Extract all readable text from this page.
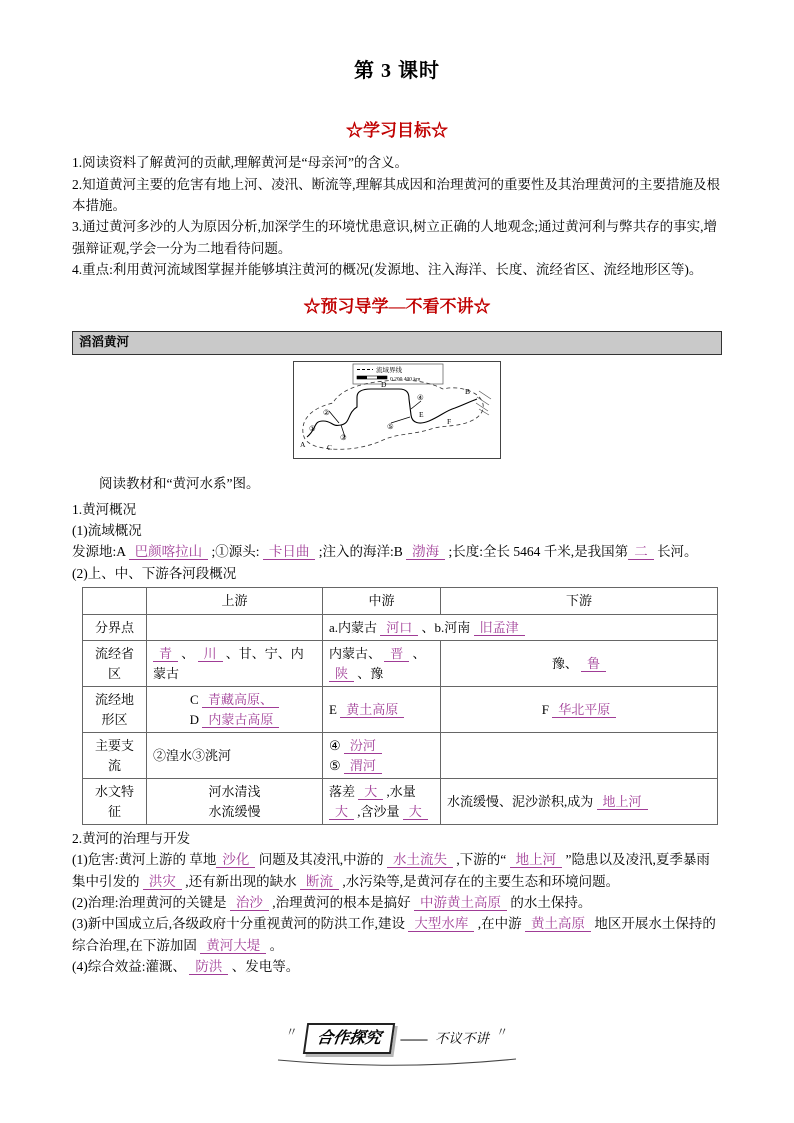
第 3 课时
☆学习目标☆

1.阅读资料了解黄河的贡献,理解黄河是“母亲河”的含义。

2.知道黄河主要的危害有地上河、凌汛、断流等,理解其成因和治理黄河的重要性及其治理黄河的主要措施及根本措施。

3.通过黄河多沙的人为原因分析,加深学生的环境忧患意识,树立正确的人地观念;通过黄河利与弊共存的事实,增强辩证观,学会一分为二地看待问题。

4.重点:利用黄河流域图掌握并能够填注黄河的概况(发源地、注入海洋、长度、流经省区、流经地形区等)。

☆预习导学—不看不讲☆
滔滔黄河
流域界线
0 200 400 km
A
B
C
D
E
F
①
②
③
④
⑤

阅读教材和“黄河水系”图。

1.黄河概况

(1)流域概况

发源地:A 巴颜喀拉山 ;①源头: 卡日曲 ;注入的海洋:B 渤海 ;长度:全长 5464 千米,是我国第 二 长河。

(2)上、中、下游各河段概况

	上游	中游	下游
分界点		a.内蒙古 河口 、b.河南 旧孟津	
流经省区	青 、 川 、甘、宁、内蒙古	内蒙古、 晋 、 陕 、豫	豫、 鲁
流经地形区	C 青藏高原、
D 内蒙古高原	E 黄土高原	F 华北平原
主要支流	②湟水③洮河	④ 汾河
⑤ 渭河	
水文特征	河水清浅
水流缓慢	落差 大 ,水量 大 ,含沙量 大	水流缓慢、泥沙淤积,成为 地上河

2.黄河的治理与开发

(1)危害:黄河上游的 草地 沙化 问题及其凌汛,中游的 水土流失 ,下游的“ 地上河 ”隐患以及凌汛,夏季暴雨集中引发的 洪灾 ,还有新出现的缺水 断流 ,水污染等,是黄河存在的主要生态和环境问题。

(2)治理:治理黄河的关键是 治沙 ,治理黄河的根本是搞好 中游黄土高原 的水土保持。

(3)新中国成立后,各级政府十分重视黄河的防洪工作,建设 大型水库 ,在中游 黄土高原 地区开展水土保持的综合治理,在下游加固 黄河大堤 。

(4)综合效益:灌溉、 防洪 、发电等。

〃 合作探究 —— 不议不讲 〃
